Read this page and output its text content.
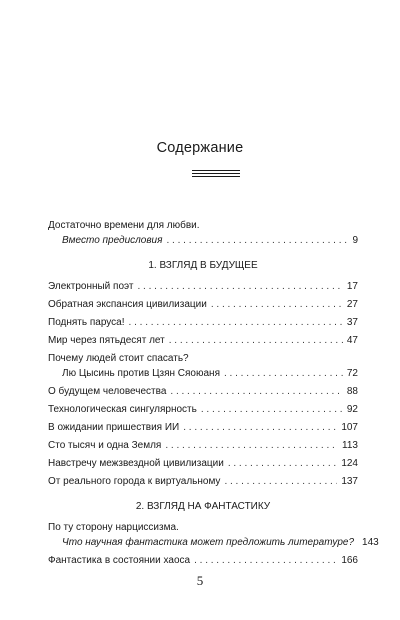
Содержание
Достаточно времени для любви.
Вместо предисловия . . .	9
1. ВЗГЛЯД В БУДУЩЕЕ
Электронный поэт . . .	17
Обратная экспансия цивилизации . . .	27
Поднять паруса! . . .	37
Мир через пятьдесят лет . . .	47
Почему людей стоит спасать?
Лю Цысинь против Цзян Сяоюаня . . .	72
О будущем человечества . . .	88
Технологическая сингулярность . . .	92
В ожидании пришествия ИИ . . .	107
Сто тысяч и одна Земля . . .	113
Навстречу межзвездной цивилизации . . .	124
От реального города к виртуальному . . .	137
2. ВЗГЛЯД НА ФАНТАСТИКУ
По ту сторону нарциссизма.
Что научная фантастика может предложить литературе? 143
Фантастика в состоянии хаоса . . .	166
5
